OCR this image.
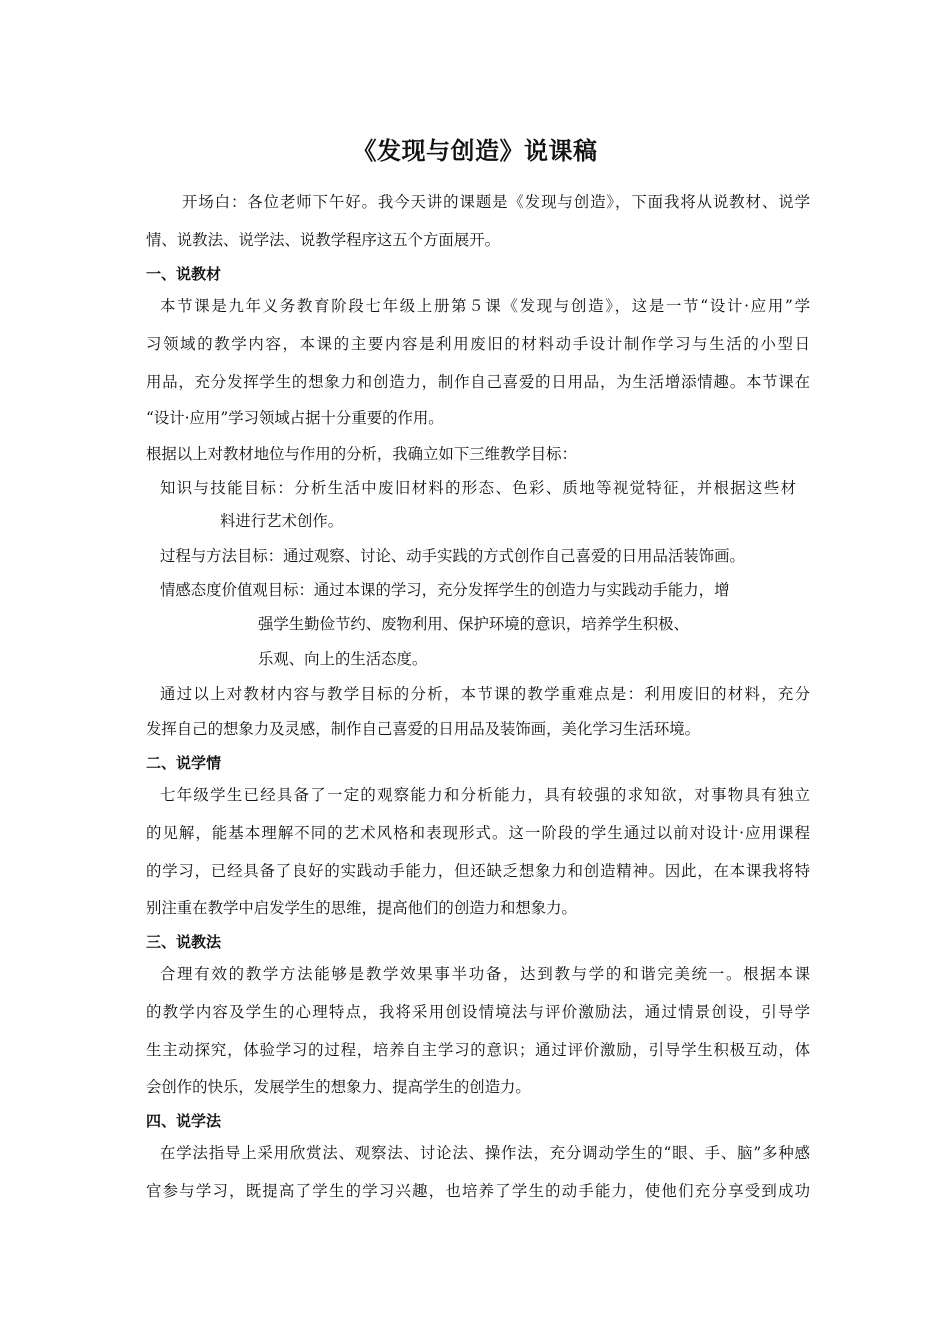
《发现与创造》说课稿
开场白：各位老师下午好。我今天讲的课题是《发现与创造》，下面我将从说教材、说学
情、说教法、说学法、说教学程序这五个方面展开。
一、说教材
本节课是九年义务教育阶段七年级上册第５课《发现与创造》，这是一节“设计·应用”学
习领域的教学内容，本课的主要内容是利用废旧的材料动手设计制作学习与生活的小型日
用品，充分发挥学生的想象力和创造力，制作自己喜爱的日用品，为生活增添情趣。本节课在
“设计·应用”学习领域占据十分重要的作用。
根据以上对教材地位与作用的分析，我确立如下三维教学目标：
知识与技能目标：分析生活中废旧材料的形态、色彩、质地等视觉特征，并根据这些材
料进行艺术创作。
过程与方法目标：通过观察、讨论、动手实践的方式创作自己喜爱的日用品活装饰画。
情感态度价值观目标：通过本课的学习，充分发挥学生的创造力与实践动手能力，增
强学生勤俭节约、废物利用、保护环境的意识，培养学生积极、
乐观、向上的生活态度。
通过以上对教材内容与教学目标的分析，本节课的教学重难点是：利用废旧的材料，充分
发挥自己的想象力及灵感，制作自己喜爱的日用品及装饰画，美化学习生活环境。
二、说学情
七年级学生已经具备了一定的观察能力和分析能力，具有较强的求知欲，对事物具有独立
的见解，能基本理解不同的艺术风格和表现形式。这一阶段的学生通过以前对设计·应用课程
的学习，已经具备了良好的实践动手能力，但还缺乏想象力和创造精神。因此，在本课我将特
别注重在教学中启发学生的思维，提高他们的创造力和想象力。
三、说教法
合理有效的教学方法能够是教学效果事半功备，达到教与学的和谐完美统一。根据本课
的教学内容及学生的心理特点，我将采用创设情境法与评价激励法，通过情景创设，引导学
生主动探究，体验学习的过程，培养自主学习的意识；通过评价激励，引导学生积极互动，体
会创作的快乐，发展学生的想象力、提高学生的创造力。
四、说学法
在学法指导上采用欣赏法、观察法、讨论法、操作法，充分调动学生的“眼、手、脑”多种感
官参与学习，既提高了学生的学习兴趣，也培养了学生的动手能力，使他们充分享受到成功
